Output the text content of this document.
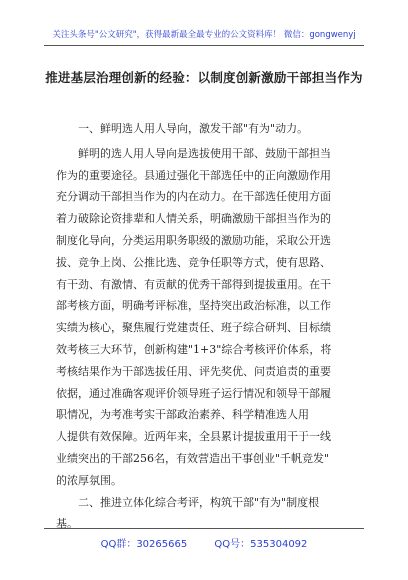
关注头条号"公文研究"，获得最新最全最专业的公文资料库！ 微信：gongwenyj
推进基层治理创新的经验：以制度创新激励干部担当作为

一、鲜明选人用人导向，激发干部"有为"动力。

鲜明的选人用人导向是选拔使用干部、鼓励干部担当
作为的重要途径。县通过强化干部选任中的正向激励作用
充分调动干部担当作为的内在动力。在干部选任使用方面
着力破除论资排辈和人情关系，明确激励干部担当作为的
制度化导向，分类运用职务职级的激励功能，采取公开选
拔、竞争上岗、公推比选、竞争任职等方式，使有思路、
有干劲、有激情、有贡献的优秀干部得到提拔重用。在干
部考核方面，明确考评标准，坚持突出政治标准，以工作
实绩为核心，聚焦履行党建责任、班子综合研判、目标绩
效考核三大环节，创新构建"1+3"综合考核评价体系，将
考核结果作为干部选拔任用、评先奖优、问责追责的重要
依据，通过准确客观评价领导班子运行情况和领导干部履
职情况，为考准考实干部政治素养、科学精准选人用
人提供有效保障。近两年来，全县累计提拔重用干于一线
业绩突出的干部256名，有效营造出干事创业"千帆竞发"
的浓厚氛围。
二、推进立体化综合考评，构筑干部"有为"制度根
基。
QQ群：30265665	QQ号：535304092
